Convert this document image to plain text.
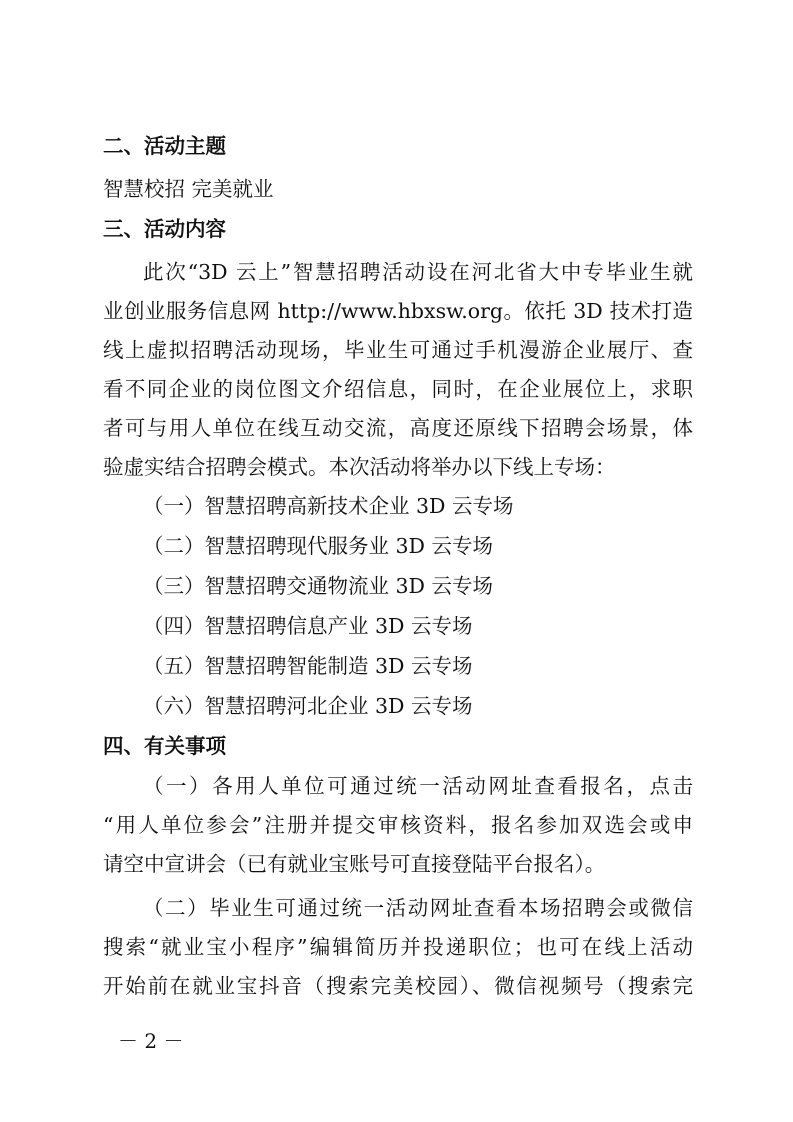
二、活动主题
智慧校招 完美就业
三、活动内容
此次“3D 云上”智慧招聘活动设在河北省大中专毕业生就
业创业服务信息网 http://www.hbxsw.org。依托 3D 技术打造
线上虚拟招聘活动现场，毕业生可通过手机漫游企业展厅、查
看不同企业的岗位图文介绍信息，同时，在企业展位上，求职
者可与用人单位在线互动交流，高度还原线下招聘会场景，体
验虚实结合招聘会模式。本次活动将举办以下线上专场：
（一）智慧招聘高新技术企业 3D 云专场
（二）智慧招聘现代服务业 3D 云专场
（三）智慧招聘交通物流业 3D 云专场
（四）智慧招聘信息产业 3D 云专场
（五）智慧招聘智能制造 3D 云专场
（六）智慧招聘河北企业 3D 云专场
四、有关事项
（一）各用人单位可通过统一活动网址查看报名，点击
“用人单位参会”注册并提交审核资料，报名参加双选会或申
请空中宣讲会（已有就业宝账号可直接登陆平台报名）。
（二）毕业生可通过统一活动网址查看本场招聘会或微信
搜索“就业宝小程序”编辑简历并投递职位；也可在线上活动
开始前在就业宝抖音（搜索完美校园）、微信视频号（搜索完
－ 2 －
